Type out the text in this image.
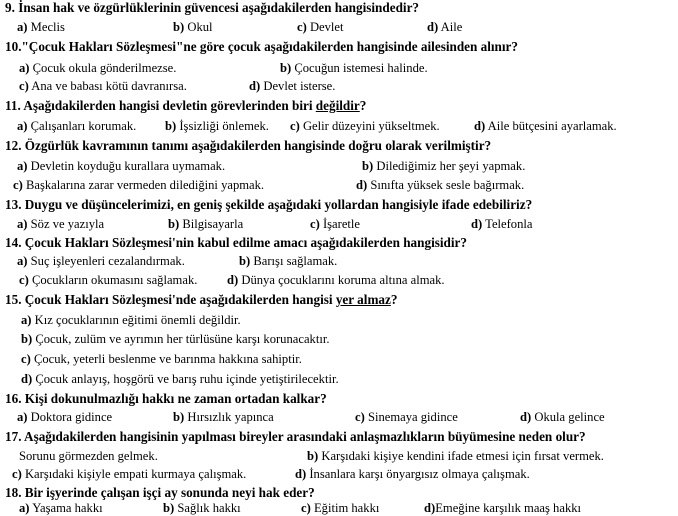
9. İnsan hak ve özgürlüklerinin güvencesi aşağıdakilerden hangisindedir?
a) Meclis	b) Okul	c) Devlet	d) Aile
10."Çocuk Hakları Sözleşmesi"ne göre çocuk aşağıdakilerden hangisinde ailesinden alınır?
a) Çocuk okula gönderilmezse.	b) Çocuğun istemesi halinde.
c) Ana ve babası kötü davranırsa.	d) Devlet isterse.
11. Aşağıdakilerden hangisi devletin görevlerinden biri değildir?
a) Çalışanları korumak. b) İşsizliği önlemek. c) Gelir düzeyini yükseltmek.	d) Aile bütçesini ayarlamak.
12. Özgürlük kavramının tanımı aşağıdakilerden hangisinde doğru olarak verilmiştir?
a) Devletin koyduğu kurallara uymamak.	b) Dilediğimiz her şeyi yapmak.
c) Başkalarına zarar vermeden dilediğini yapmak.	d) Sınıfta yüksek sesle bağırmak.
13. Duygu ve düşüncelerimizi, en geniş şekilde aşağıdaki yollardan hangisiyle ifade edebiliriz?
a) Söz ve yazıyla	b) Bilgisayarla	c) İşaretle	d) Telefonla
14. Çocuk Hakları Sözleşmesi'nin kabul edilme amacı aşağıdakilerden hangisidir?
a) Suç işleyenleri cezalandırmak.	b) Barışı sağlamak.
c) Çocukların okumasını sağlamak. d) Dünya çocuklarını koruma altına almak.
15. Çocuk Hakları Sözleşmesi'nde aşağıdakilerden hangisi yer almaz?
a) Kız çocuklarının eğitimi önemli değildir.
b) Çocuk, zulüm ve ayrımın her türlüsüne karşı korunacaktır.
c) Çocuk, yeterli beslenme ve barınma hakkına sahiptir.
d) Çocuk anlayış, hoşgörü ve barış ruhu içinde yetiştirilecektir.
16. Kişi dokunulmazlığı hakkı ne zaman ortadan kalkar?
a) Doktora gidince	b) Hırsızlık yapınca	c) Sinemaya gidince	d) Okula gelince
17. Aşağıdakilerden hangisinin yapılması bireyler arasındaki anlaşmazlıkların büyümesine neden olur?
Sorunu görmezden gelmek.	b) Karşıdaki kişiye kendini ifade etmesi için fırsat vermek.
c) Karşıdaki kişiyle empati kurmaya çalışmak.	d) İnsanlara karşı önyargısız olmaya çalışmak.
18. Bir işyerinde çalışan işçi ay sonunda neyi hak eder?
a) Yaşama hakkı	b) Sağlık hakkı	c) Eğitim hakkı	d)Emeğine karşılık maaş hakkı
